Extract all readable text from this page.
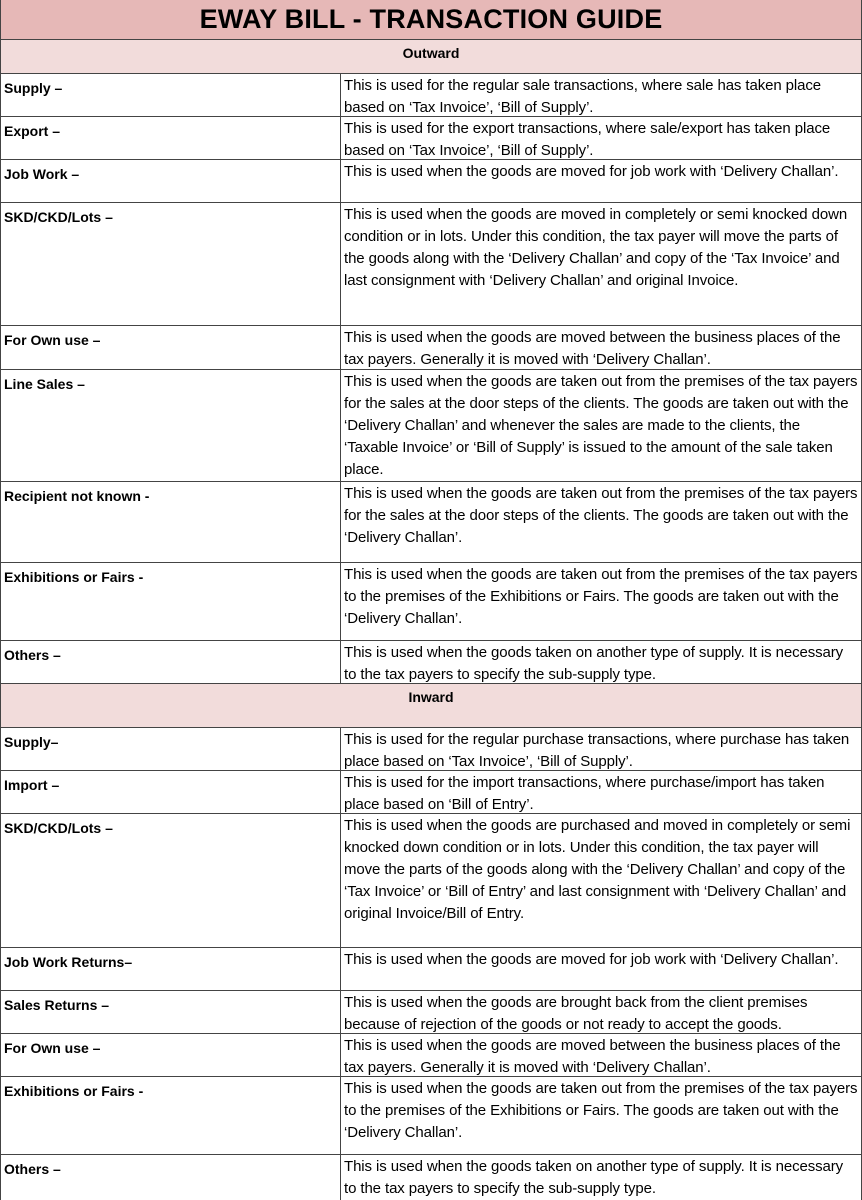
EWAY BILL - TRANSACTION GUIDE
Outward
Supply –	This is used for the regular sale transactions, where sale has taken place based on ‘Tax Invoice’, ‘Bill of Supply’.
Export –	This is used for the export transactions, where sale/export has taken place based on ‘Tax Invoice’, ‘Bill of Supply’.
Job Work –	This is used when the goods are moved for job work with ‘Delivery Challan’.
SKD/CKD/Lots –	This is used when the goods are moved in completely or semi knocked down condition or in lots. Under this condition, the tax payer will move the parts of the goods along with the ‘Delivery Challan’ and copy of the ‘Tax Invoice’ and last consignment with ‘Delivery Challan’ and original Invoice.
For Own use –	This is used when the goods are moved between the business places of the tax payers. Generally it is moved with ‘Delivery Challan’.
Line Sales –	This is used when the goods are taken out from the premises of the tax payers for the sales at the door steps of the clients. The goods are taken out with the ‘Delivery Challan’ and whenever the sales are made to the clients, the ‘Taxable Invoice’ or ‘Bill of Supply’ is issued to the amount of the sale taken place.
Recipient not known -	This is used when the goods are taken out from the premises of the tax payers for the sales at the door steps of the clients. The goods are taken out with the ‘Delivery Challan’.
Exhibitions or Fairs -	This is used when the goods are taken out from the premises of the tax payers to the premises of the Exhibitions or Fairs. The goods are taken out with the ‘Delivery Challan’.
Others –	This is used when the goods taken on another type of supply. It is necessary to the tax payers to specify the sub-supply type.
Inward
Supply–	This is used for the regular purchase transactions, where purchase has taken place based on ‘Tax Invoice’, ‘Bill of Supply’.
Import –	This is used for the import transactions, where purchase/import has taken place based on ‘Bill of Entry’.
SKD/CKD/Lots –	This is used when the goods are purchased and moved in completely or semi knocked down condition or in lots. Under this condition, the tax payer will move the parts of the goods along with the ‘Delivery Challan’ and copy of the ‘Tax Invoice’ or ‘Bill of Entry’ and last consignment with ‘Delivery Challan’ and original Invoice/Bill of Entry.
Job Work Returns–	This is used when the goods are moved for job work with ‘Delivery Challan’.
Sales Returns –	This is used when the goods are brought back from the client premises because of rejection of the goods or not ready to accept the goods.
For Own use –	This is used when the goods are moved between the business places of the tax payers. Generally it is moved with ‘Delivery Challan’.
Exhibitions or Fairs -	This is used when the goods are taken out from the premises of the tax payers to the premises of the Exhibitions or Fairs. The goods are taken out with the ‘Delivery Challan’.
Others –	This is used when the goods taken on another type of supply. It is necessary to the tax payers to specify the sub-supply type.
